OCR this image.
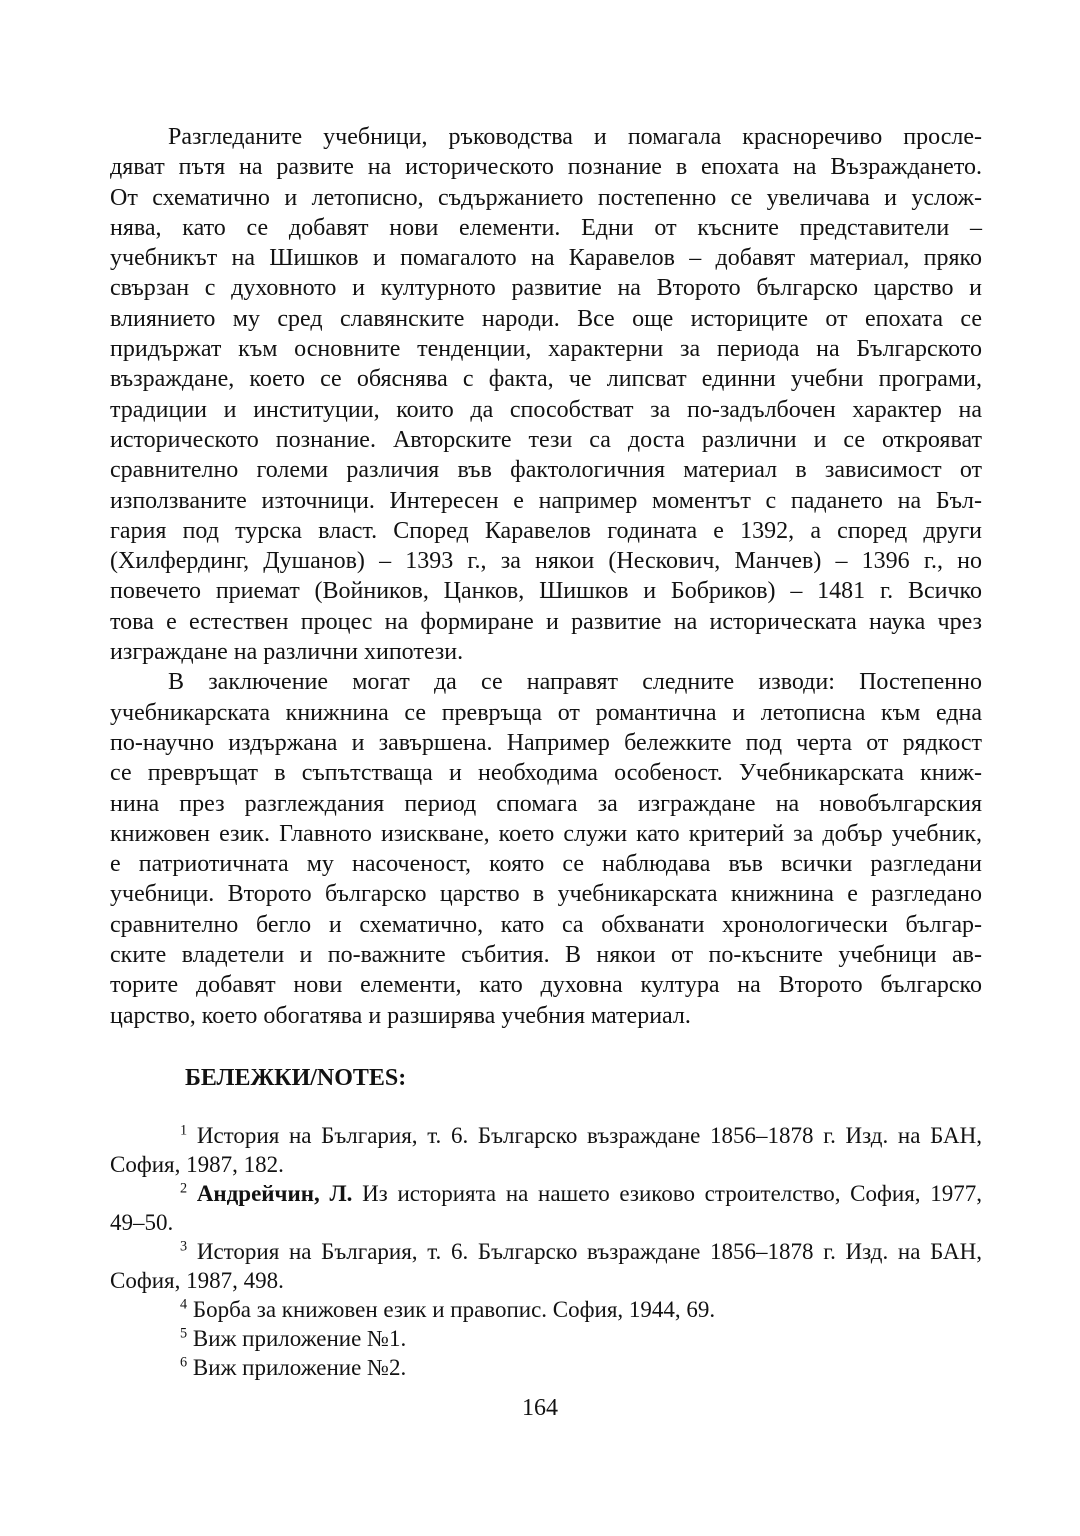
Разгледаните учебници, ръководства и помагала красноречиво просле-
дяват пътя на развите на историческото познание в епохата на Възраждането.
От схематично и летописно, съдържанието постепенно се увеличава и услож-
нява, като се добавят нови елементи. Едни от късните представители –
учебникът на Шишков и помагалото на Каравелов – добавят материал, пряко
свързан с духовното и културното развитие на Второто българско царство и
влиянието му сред славянските народи. Все още историците от епохата се
придържат към основните тенденции, характерни за периода на Българското
възраждане, което се обяснява с факта, че липсват единни учебни програми,
традиции и институции, които да способстват за по-задълбочен характер на
историческото познание. Авторските тези са доста различни и се открояват
сравнително големи различия във фактологичния материал в зависимост от
използваните източници. Интересен е например моментът с падането на Бъл-
гария под турска власт. Според Каравелов годината е 1392, а според други
(Хилфердинг, Душанов) – 1393 г., за някои (Нескович, Манчев) – 1396 г., но
повечето приемат (Войников, Цанков, Шишков и Бобриков) – 1481 г. Всичко
това е естествен процес на формиране и развитие на историческата наука чрез
изграждане на различни хипотези.
В заключение могат да се направят следните изводи: Постепенно
учебникарската книжнина се превръща от романтична и летописна към една
по-научно издържана и завършена. Например бележките под черта от рядкост
се превръщат в съпътстваща и необходима особеност. Учебникарската книж-
нина през разглеждания период спомага за изграждане на новобългарския
книжовен език. Главното изискване, което служи като критерий за добър учебник,
е патриотичната му насоченост, която се наблюдава във всички разгледани
учебници. Второто българско царство в учебникарската книжнина е разгледано
сравнително бегло и схематично, като са обхванати хронологически българ-
ските владетели и по-важните събития. В някои от по-късните учебници ав-
торите добавят нови елементи, като духовна култура на Второто българско
царство, което обогатява и разширява учебния материал.
БЕЛЕЖКИ/NOTES:
$^1$ История на България, т. 6. Българско възраждане 1856–1878 г. Изд. на БАН, София, 1987, 182.
$^2$ Андрейчин, Л. Из историята на нашето езиково строителство, София, 1977, 49–50.
$^3$ История на България, т. 6. Българско възраждане 1856–1878 г. Изд. на БАН, София, 1987, 498.
$^4$ Борба за книжовен език и правопис. София, 1944, 69.
$^5$ Виж приложение №1.
$^6$ Виж приложение №2.
164
